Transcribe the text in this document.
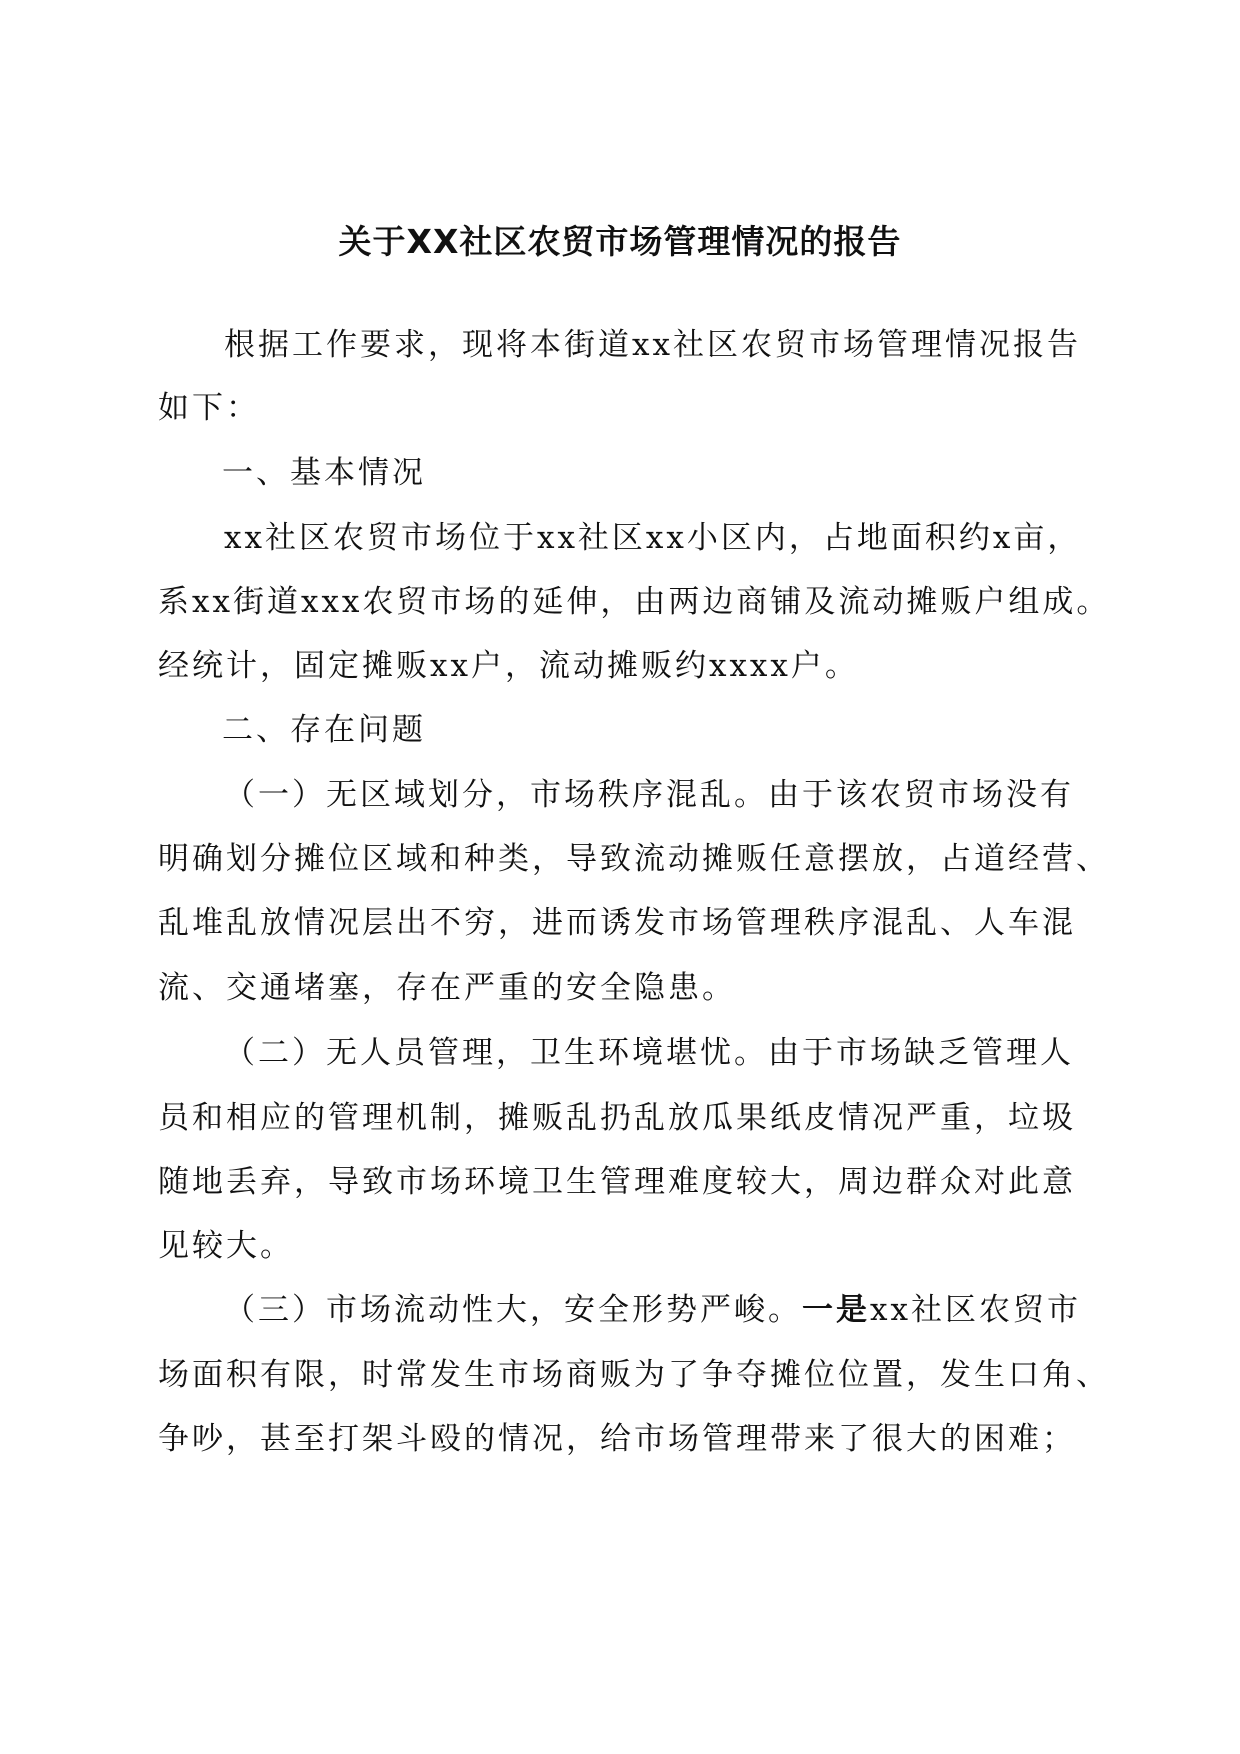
关于XX社区农贸市场管理情况的报告
根据工作要求，现将本街道xx社区农贸市场管理情况报告
如下：
一、基本情况
xx社区农贸市场位于xx社区xx小区内，占地面积约x亩，
系xx街道xxx农贸市场的延伸，由两边商铺及流动摊贩户组成。
经统计，固定摊贩xx户，流动摊贩约xxxx户。
二、存在问题
（一）无区域划分，市场秩序混乱。由于该农贸市场没有
明确划分摊位区域和种类，导致流动摊贩任意摆放，占道经营、
乱堆乱放情况层出不穷，进而诱发市场管理秩序混乱、人车混
流、交通堵塞，存在严重的安全隐患。
（二）无人员管理，卫生环境堪忧。由于市场缺乏管理人
员和相应的管理机制，摊贩乱扔乱放瓜果纸皮情况严重，垃圾
随地丢弃，导致市场环境卫生管理难度较大，周边群众对此意
见较大。
（三）市场流动性大，安全形势严峻。一是xx社区农贸市
场面积有限，时常发生市场商贩为了争夺摊位位置，发生口角、
争吵，甚至打架斗殴的情况，给市场管理带来了很大的困难；
